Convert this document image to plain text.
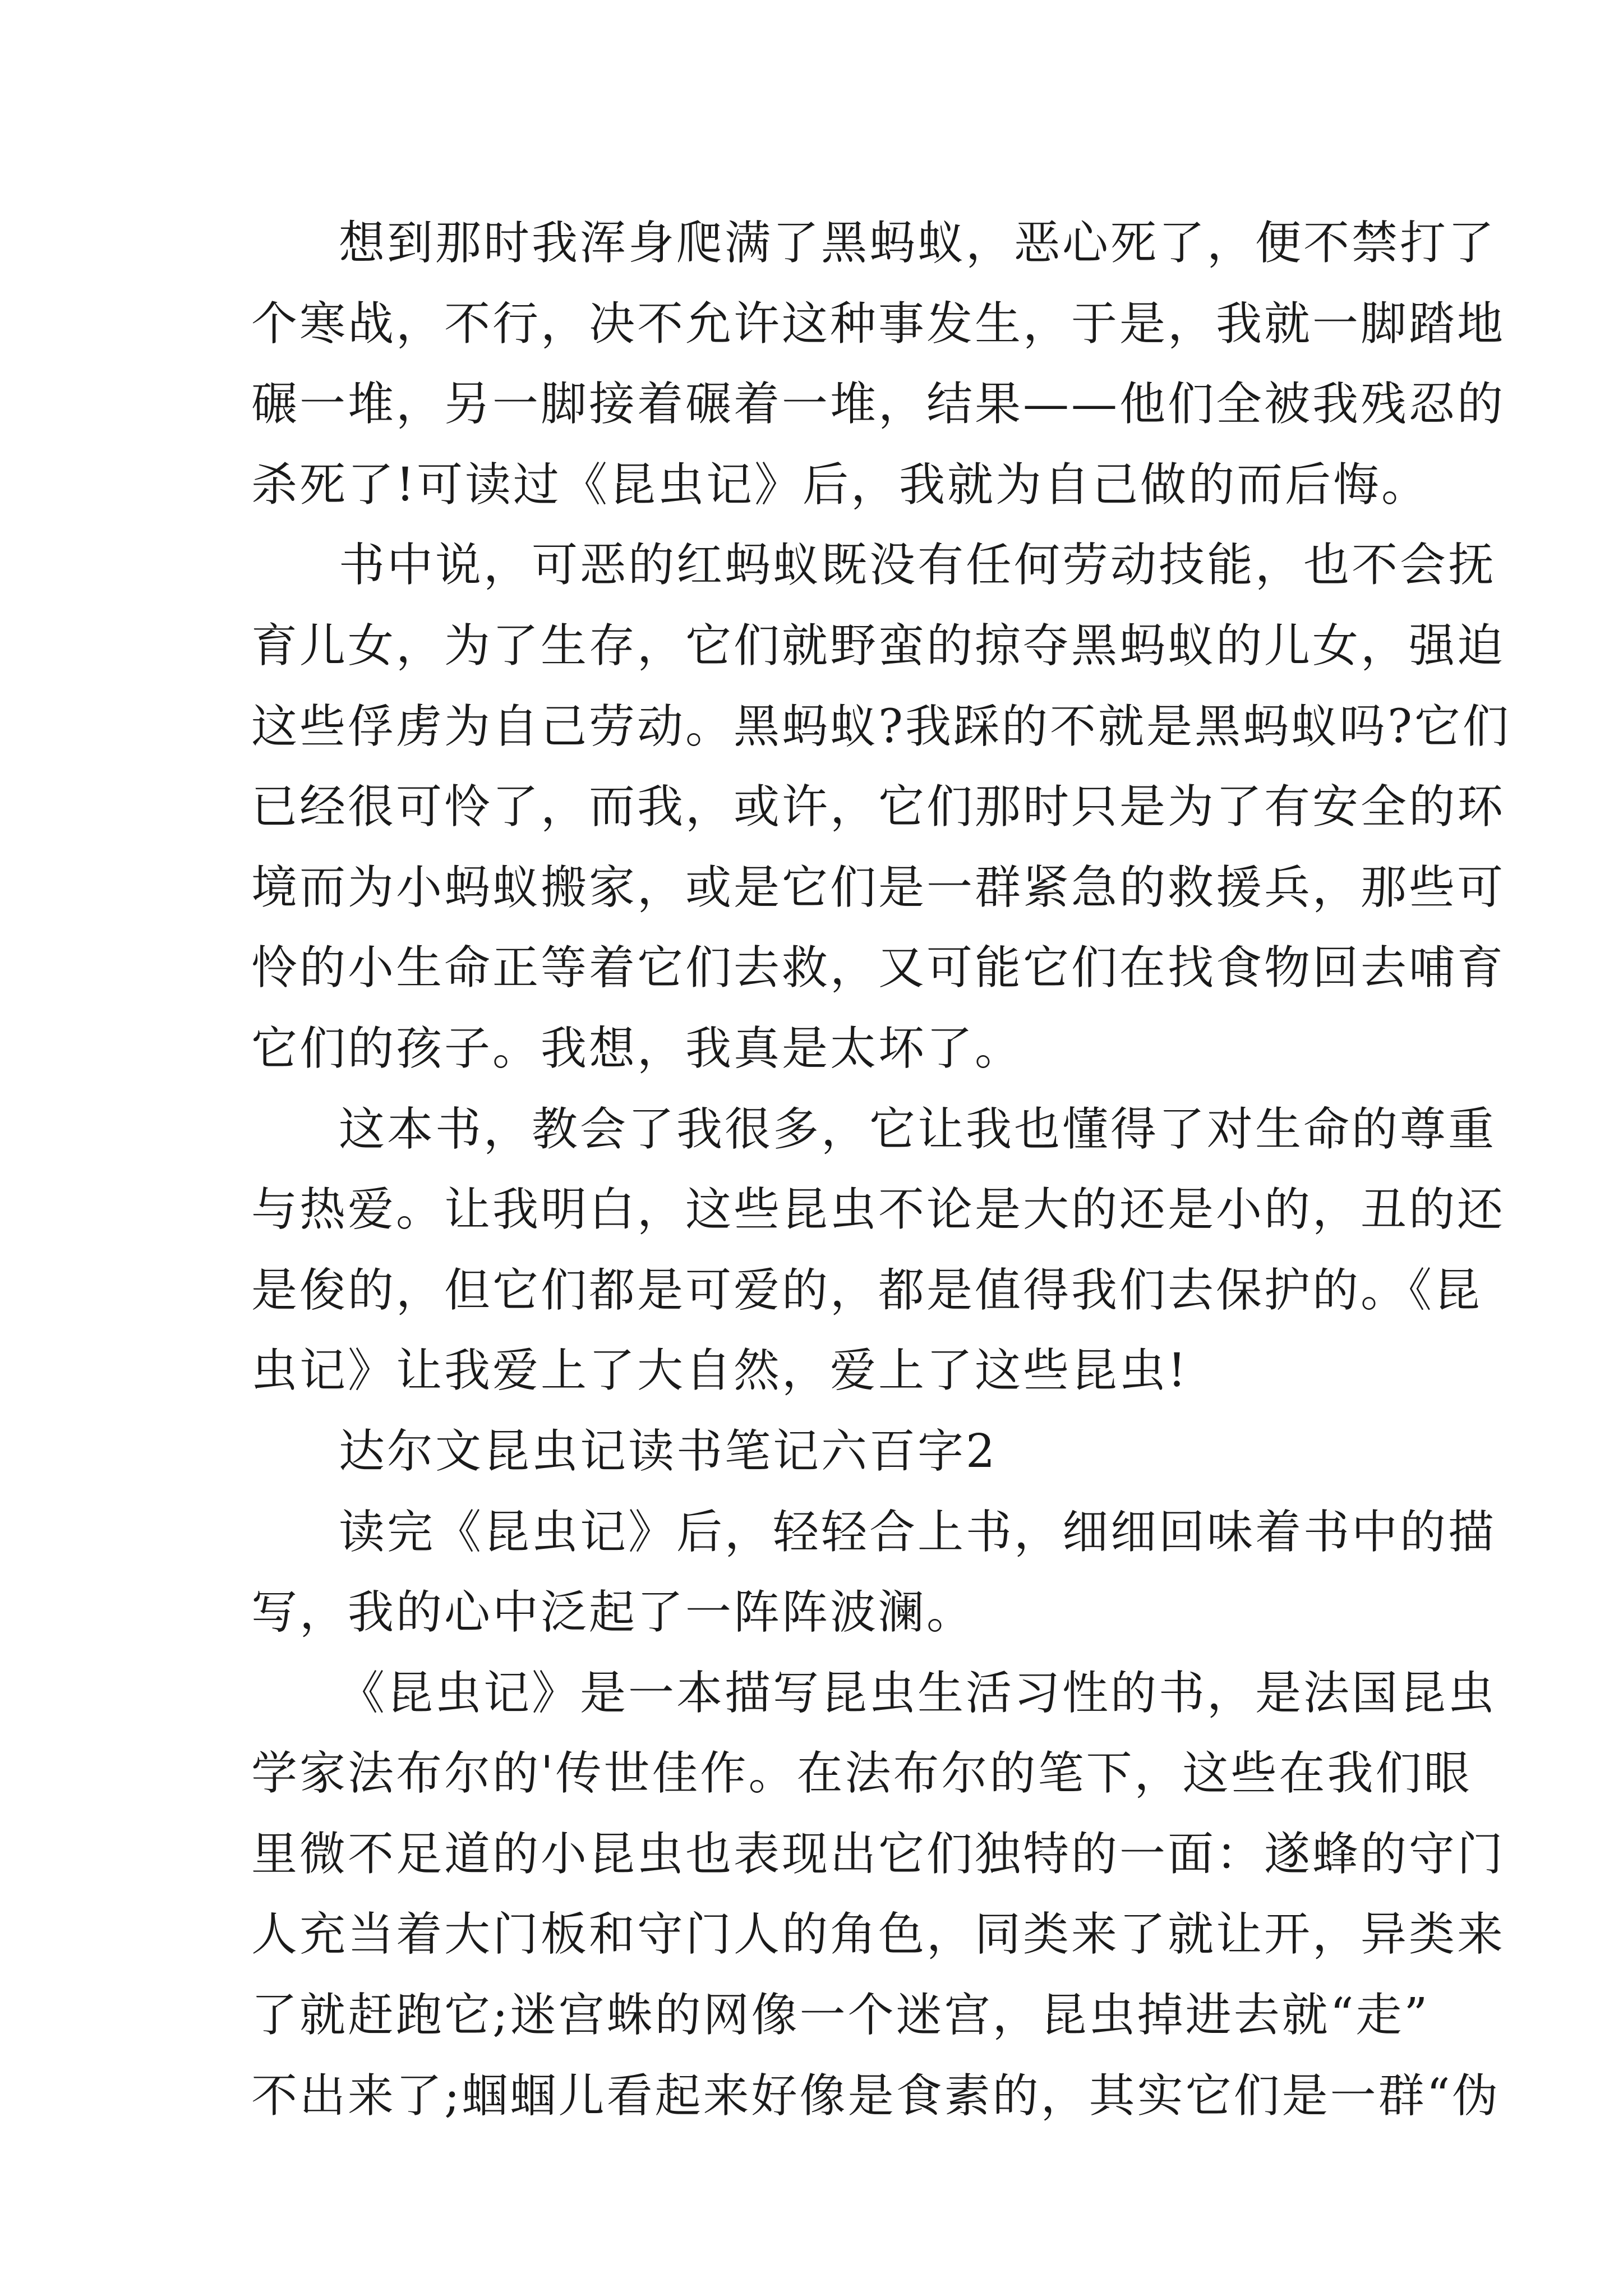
想到那时我浑身爬满了黑蚂蚁，恶心死了，便不禁打了
个寒战，不行，决不允许这种事发生，于是，我就一脚踏地
碾一堆，另一脚接着碾着一堆，结果——他们全被我残忍的
杀死了!可读过《昆虫记》后，我就为自己做的而后悔。
书中说，可恶的红蚂蚁既没有任何劳动技能，也不会抚
育儿女，为了生存，它们就野蛮的掠夺黑蚂蚁的儿女，强迫
这些俘虏为自己劳动。黑蚂蚁?我踩的不就是黑蚂蚁吗?它们
已经很可怜了，而我，或许，它们那时只是为了有安全的环
境而为小蚂蚁搬家，或是它们是一群紧急的救援兵，那些可
怜的小生命正等着它们去救，又可能它们在找食物回去哺育
它们的孩子。我想，我真是太坏了。
这本书，教会了我很多，它让我也懂得了对生命的尊重
与热爱。让我明白，这些昆虫不论是大的还是小的，丑的还
是俊的，但它们都是可爱的，都是值得我们去保护的。《昆
虫记》让我爱上了大自然，爱上了这些昆虫!
达尔文昆虫记读书笔记六百字2
读完《昆虫记》后，轻轻合上书，细细回味着书中的描
写，我的心中泛起了一阵阵波澜。
《昆虫记》是一本描写昆虫生活习性的书，是法国昆虫
学家法布尔的'传世佳作。在法布尔的笔下，这些在我们眼
里微不足道的小昆虫也表现出它们独特的一面：遂蜂的守门
人充当着大门板和守门人的角色，同类来了就让开，异类来
了就赶跑它;迷宫蛛的网像一个迷宫，昆虫掉进去就“走”
不出来了;蝈蝈儿看起来好像是食素的，其实它们是一群“伪
